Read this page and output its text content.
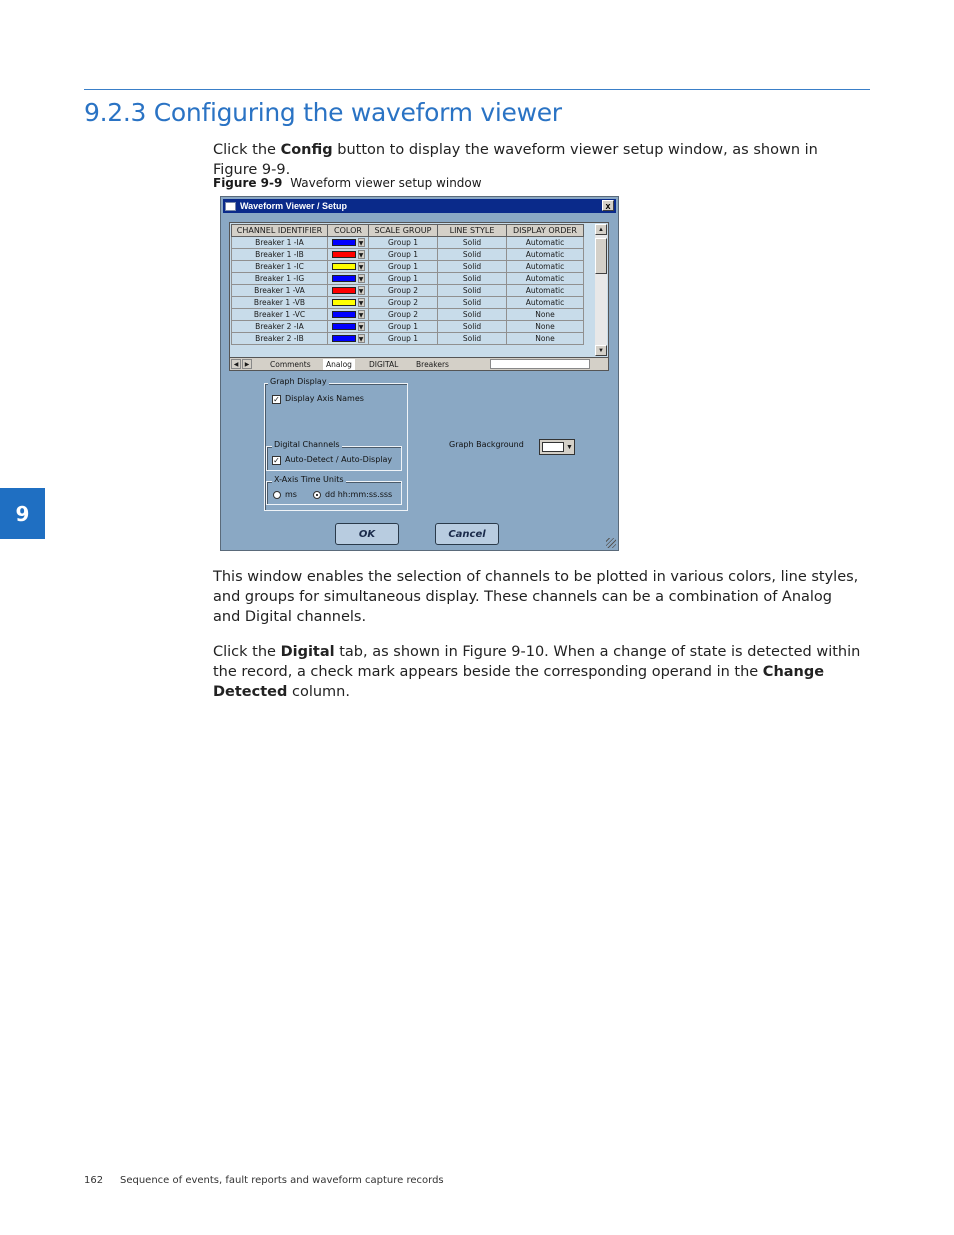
9.2.3 Configuring the waveform viewer
Click the Config button to display the waveform viewer setup window, as shown in Figure 9-9.
Figure 9-9 Waveform viewer setup window
Waveform Viewer / Setup	x
CHANNEL IDENTIFIER	COLOR	SCALE GROUP	LINE STYLE	DISPLAY ORDER
Breaker 1 -IA	▼	Group 1	Solid	Automatic
Breaker 1 -IB	▼	Group 1	Solid	Automatic
Breaker 1 -IC	▼	Group 1	Solid	Automatic
Breaker 1 -IG	▼	Group 1	Solid	Automatic
Breaker 1 -VA	▼	Group 2	Solid	Automatic
Breaker 1 -VB	▼	Group 2	Solid	Automatic
Breaker 1 -VC	▼	Group 2	Solid	None
Breaker 2 -IA	▼	Group 1	Solid	None
Breaker 2 -IB	▼	Group 1	Solid	None
▲
▼
◀	▶	Comments	Analog	DIGITAL Breakers
Graph Display
✓ Display Axis Names
Digital Channels
✓ Auto-Detect / Auto-Display
X-Axis Time Units
ms	dd hh:mm:ss.sss
Graph Background	▼
OK	Cancel
This window enables the selection of channels to be plotted in various colors, line styles, and groups for simultaneous display. These channels can be a combination of Analog and Digital channels.
Click the Digital tab, as shown in Figure 9-10. When a change of state is detected within the record, a check mark appears beside the corresponding operand in the Change Detected column.
9
162 Sequence of events, fault reports and waveform capture records
